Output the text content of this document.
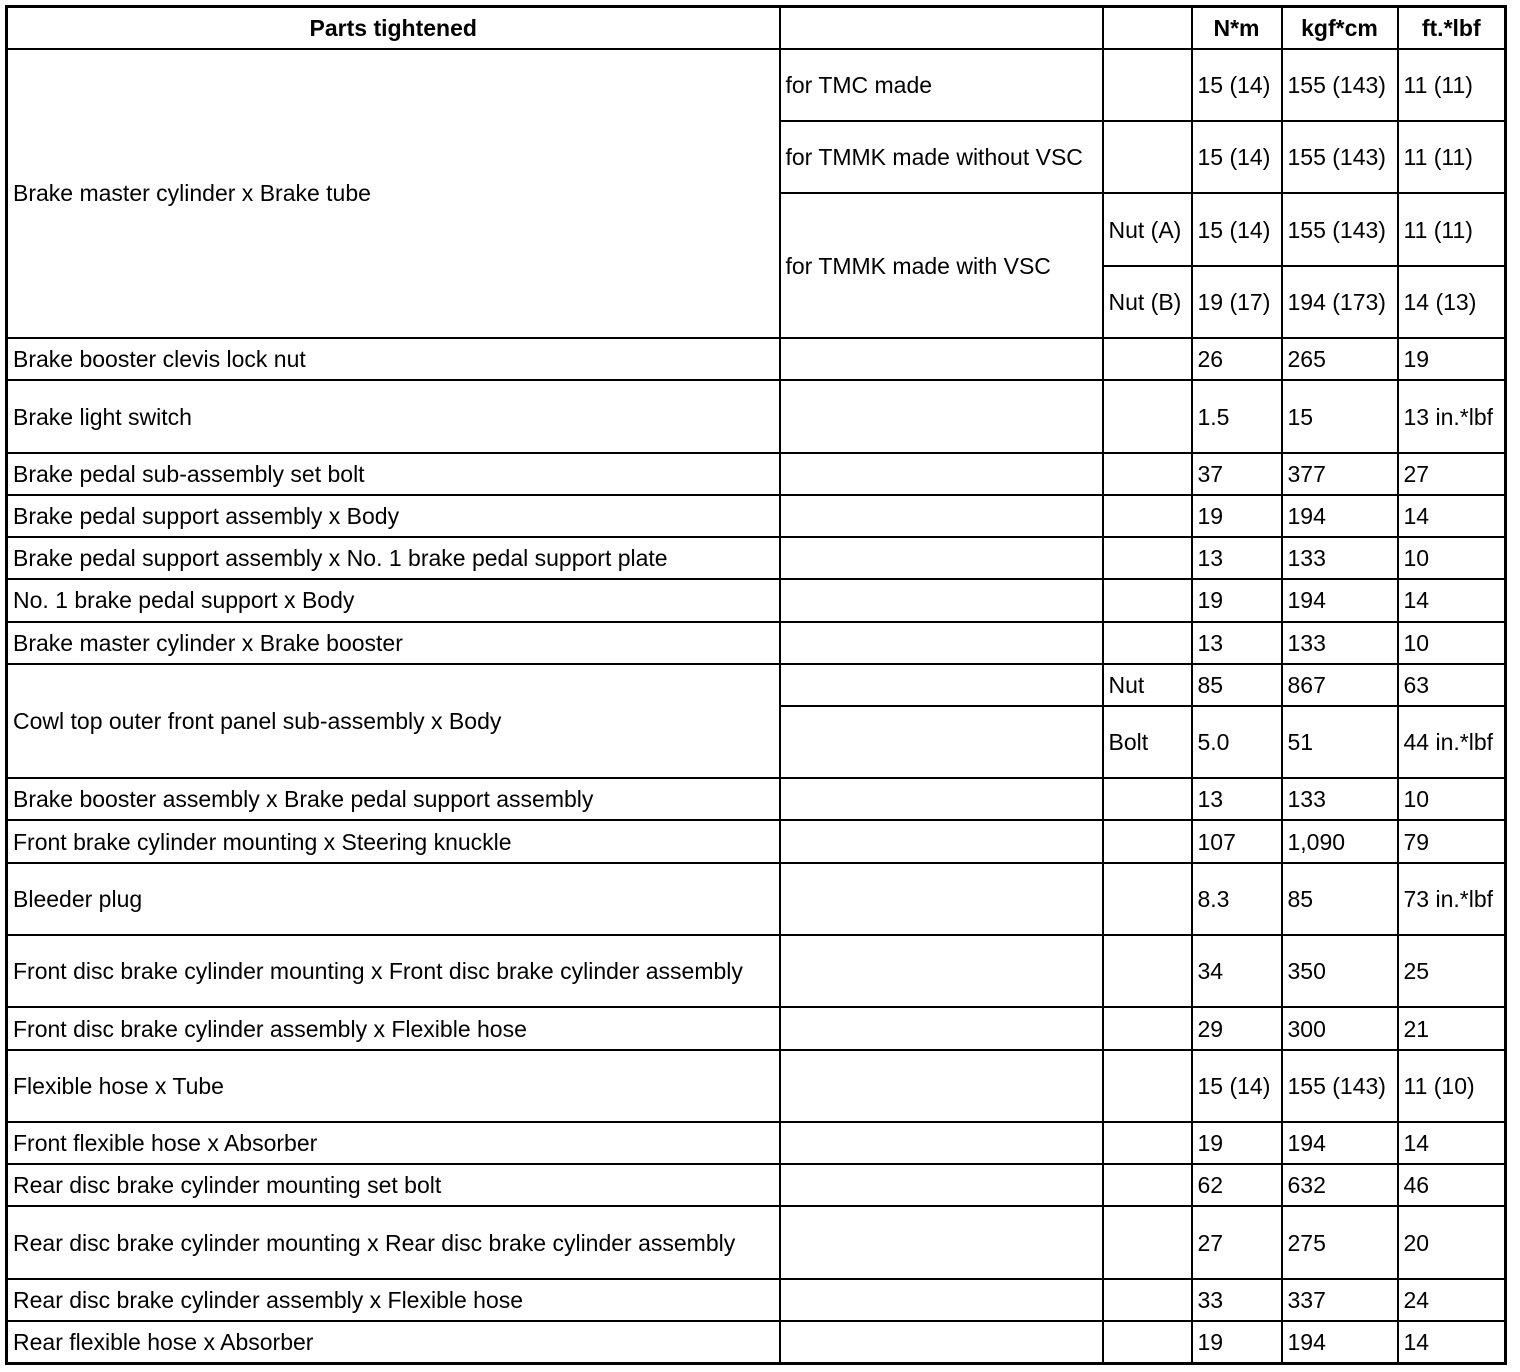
Parts tightened			N*m	kgf*cm	ft.*lbf
Brake master cylinder x Brake tube	for TMC made		15 (14)	155 (143)	11 (11)
	for TMMK made without VSC		15 (14)	155 (143)	11 (11)
	for TMMK made with VSC	Nut (A)	15 (14)	155 (143)	11 (11)
		Nut (B)	19 (17)	194 (173)	14 (13)
Brake booster clevis lock nut			26	265	19
Brake light switch			1.5	15	13 in.*lbf
Brake pedal sub-assembly set bolt			37	377	27
Brake pedal support assembly x Body			19	194	14
Brake pedal support assembly x No. 1 brake pedal support plate			13	133	10
No. 1 brake pedal support x Body			19	194	14
Brake master cylinder x Brake booster			13	133	10
Cowl top outer front panel sub-assembly x Body		Nut	85	867	63
		Bolt	5.0	51	44 in.*lbf
Brake booster assembly x Brake pedal support assembly			13	133	10
Front brake cylinder mounting x Steering knuckle			107	1,090	79
Bleeder plug			8.3	85	73 in.*lbf
Front disc brake cylinder mounting x Front disc brake cylinder assembly			34	350	25
Front disc brake cylinder assembly x Flexible hose			29	300	21
Flexible hose x Tube			15 (14)	155 (143)	11 (10)
Front flexible hose x Absorber			19	194	14
Rear disc brake cylinder mounting set bolt			62	632	46
Rear disc brake cylinder mounting x Rear disc brake cylinder assembly			27	275	20
Rear disc brake cylinder assembly x Flexible hose			33	337	24
Rear flexible hose x Absorber			19	194	14
